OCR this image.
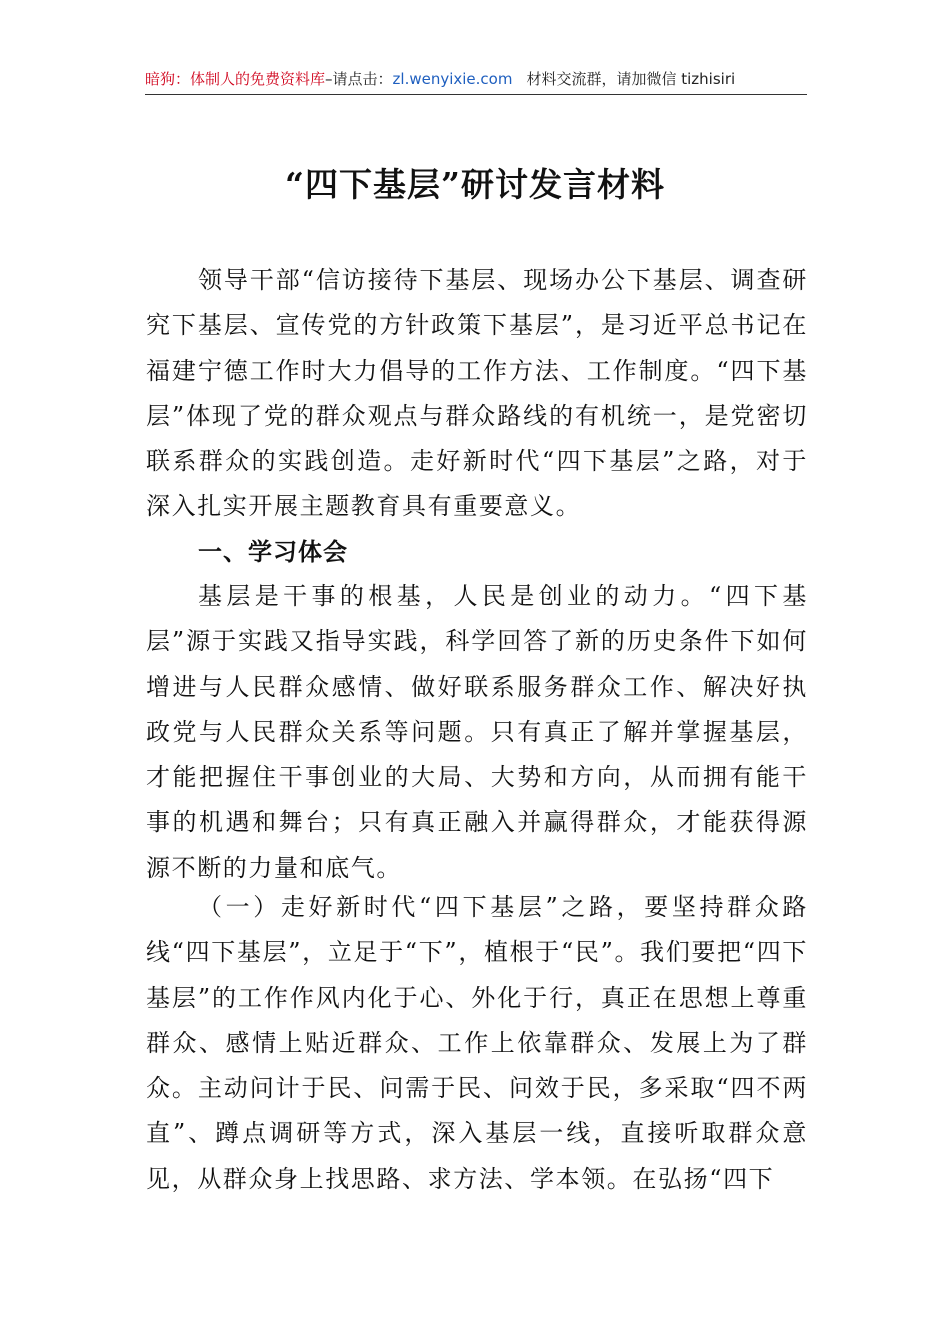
暗狗：体制人的免费资料库–请点击：zl.wenyixie.com 材料交流群，请加微信 tizhisiri
“四下基层”研讨发言材料

领导干部“信访接待下基层、现场办公下基层、调查研究下基层、宣传党的方针政策下基层”，是习近平总书记在福建宁德工作时大力倡导的工作方法、工作制度。“四下基层”体现了党的群众观点与群众路线的有机统一，是党密切联系群众的实践创造。走好新时代“四下基层”之路，对于深入扎实开展主题教育具有重要意义。

一、学习体会

基层是干事的根基，人民是创业的动力。“四下基层”源于实践又指导实践，科学回答了新的历史条件下如何增进与人民群众感情、做好联系服务群众工作、解决好执政党与人民群众关系等问题。只有真正了解并掌握基层，才能把握住干事创业的大局、大势和方向，从而拥有能干事的机遇和舞台；只有真正融入并赢得群众，才能获得源源不断的力量和底气。

（一）走好新时代“四下基层”之路，要坚持群众路线“四下基层”，立足于“下”，植根于“民”。我们要把“四下基层”的工作作风内化于心、外化于行，真正在思想上尊重群众、感情上贴近群众、工作上依靠群众、发展上为了群众。主动问计于民、问需于民、问效于民，多采取“四不两直”、蹲点调研等方式，深入基层一线，直接听取群众意见，从群众身上找思路、求方法、学本领。在弘扬“四下
